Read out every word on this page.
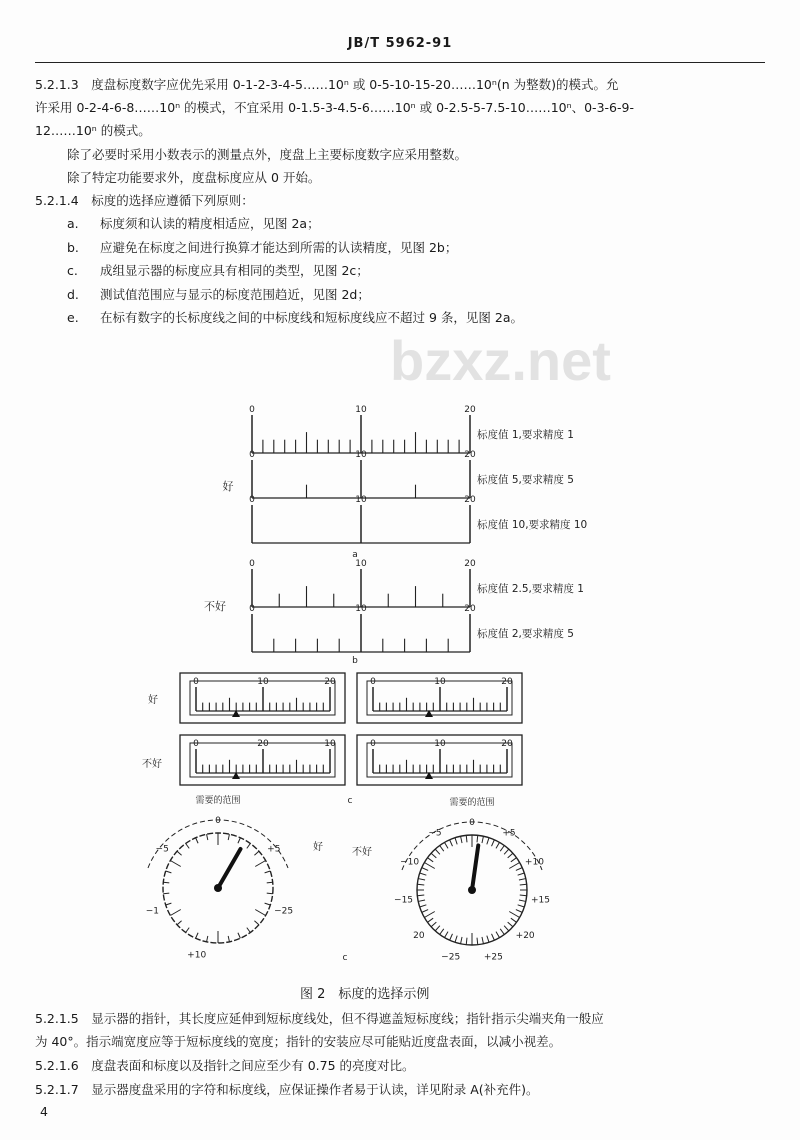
JB/T 5962-91
bzxz.net
5.2.1.3　度盘标度数字应优先采用 0-1-2-3-4-5……10ⁿ 或 0-5-10-15-20……10ⁿ(n 为整数)的模式。允
许采用 0-2-4-6-8……10ⁿ 的模式，不宜采用 0-1.5-3-4.5-6……10ⁿ 或 0-2.5-5-7.5-10……10ⁿ、0-3-6-9-
12……10ⁿ 的模式。
除了必要时采用小数表示的测量点外，度盘上主要标度数字应采用整数。
除了特定功能要求外，度盘标度应从 0 开始。
5.2.1.4　标度的选择应遵循下列原则：
a. 标度须和认读的精度相适应，见图 2a；
b. 应避免在标度之间进行换算才能达到所需的认读精度，见图 2b；
c. 成组显示器的标度应具有相同的类型，见图 2c；
d. 测试值范围应与显示的标度范围趋近，见图 2d；
e. 在标有数字的长标度线之间的中标度线和短标度线应不超过 9 条，见图 2a。
0	10	20
标度值 1,要求精度 1
0	10	20
标度值 5,要求精度 5
0	10	20
标度值 10,要求精度 10
好
a
0	10	20
标度值 2.5,要求精度 1
0	10	20
标度值 2,要求精度 5
不好
b
0	10	20	0	10	20
0	20	10	0	10	20
好
不好
c
需要的范围
0
−5	+5
−1	−25
+10
需要的范围
0
−5	+5
−10	+10
−15	+15
20	+20
−25	+25
好	不好
c
图 2　标度的选择示例
5.2.1.5　显示器的指针，其长度应延伸到短标度线处，但不得遮盖短标度线；指针指示尖端夹角一般应
为 40°。指示端宽度应等于短标度线的宽度；指针的安装应尽可能贴近度盘表面，以减小视差。
5.2.1.6　度盘表面和标度以及指针之间应至少有 0.75 的亮度对比。
5.2.1.7　显示器度盘采用的字符和标度线，应保证操作者易于认读，详见附录 A(补充件)。
4
